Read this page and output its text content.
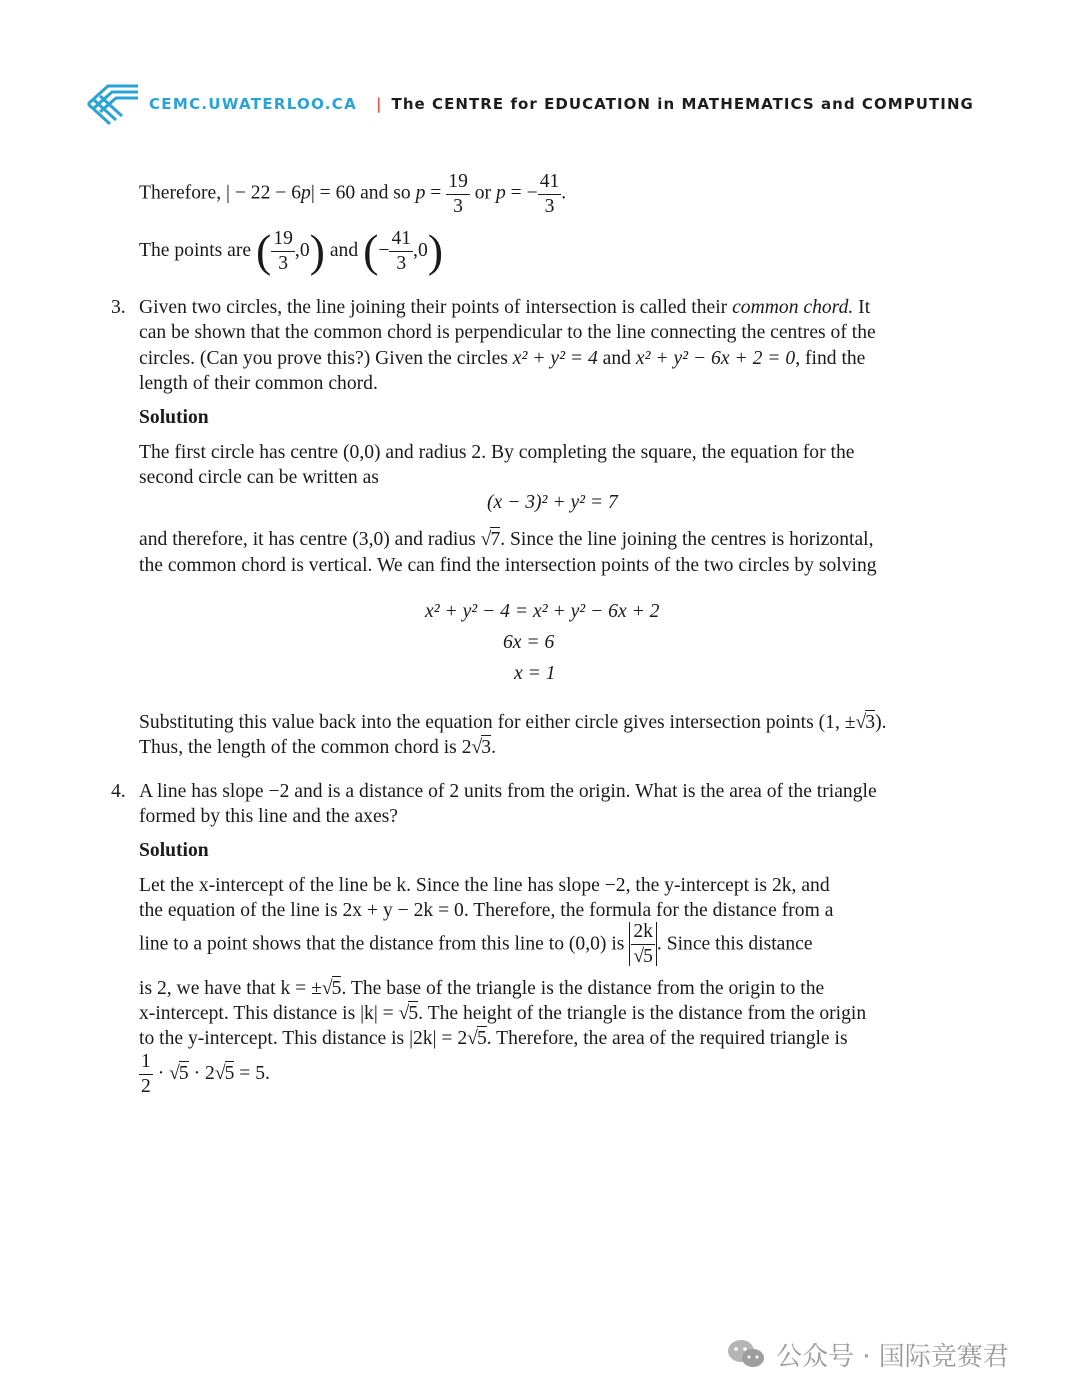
CEMC.UWATERLOO.CA | The CENTRE for EDUCATION in MATHEMATICS and COMPUTING
Therefore, | − 22 − 6p| = 60 and so $p = \frac{19}{3}$ or p = − $\frac{41}{3}$ .
The points are ( $\frac{19}{3} ,0$) and (− $\frac{41}{3} ,0$)
3. Given two circles, the line joining their points of intersection is called their common chord. It
can be shown that the common chord is perpendicular to the line connecting the centres of the
circles. (Can you prove this?) Given the circles x² + y² = 4 and x² + y² − 6x + 2 = 0, find the
length of their common chord.
Solution
The first circle has centre (0,0) and radius 2. By completing the square, the equation for the
second circle can be written as
(x − 3)² + y² = 7
and therefore, it has centre (3,0) and radius √7. Since the line joining the centres is horizontal,
the common chord is vertical. We can find the intersection points of the two circles by solving
x² + y² − 4 = x² + y² − 6x + 2
6x = 6
x = 1
Substituting this value back into the equation for either circle gives intersection points (1, ±√3).
Thus, the length of the common chord is 2√3.
4. A line has slope −2 and is a distance of 2 units from the origin. What is the area of the triangle
formed by this line and the axes?
Solution
Let the x-intercept of the line be k. Since the line has slope −2, the y-intercept is 2k, and
the equation of the line is 2x + y − 2k = 0. Therefore, the formula for the distance from a
line to a point shows that the distance from this line to (0,0) is $\frac{2k}{√5}$ . Since this distance
is 2, we have that k = ±√5. The base of the triangle is the distance from the origin to the
x-intercept. This distance is |k| = √5. The height of the triangle is the distance from the origin
to the y-intercept. This distance is |2k| = 2√5. Therefore, the area of the required triangle is
$\frac{1}{2} \cdot √5 \cdot 2√5 = 5$.
公众号 · 国际竞赛君
